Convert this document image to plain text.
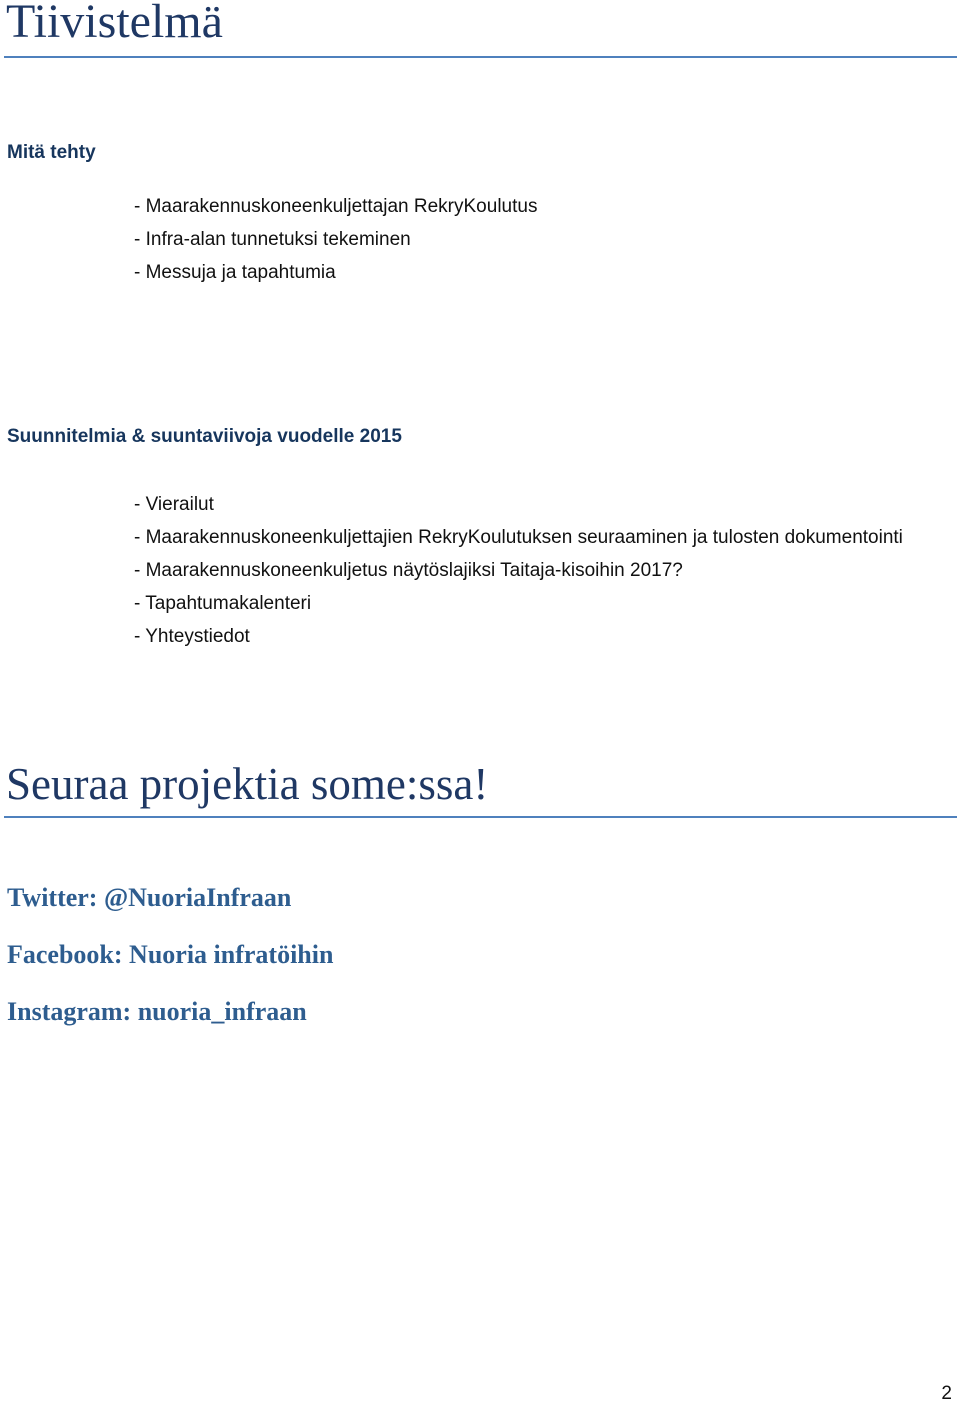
Tiivistelmä
Mitä tehty
- Maarakennuskoneenkuljettajan RekryKoulutus
- Infra-alan tunnetuksi tekeminen
- Messuja ja tapahtumia
Suunnitelmia & suuntaviivoja vuodelle 2015
- Vierailut
- Maarakennuskoneenkuljettajien RekryKoulutuksen seuraaminen ja tulosten dokumentointi
- Maarakennuskoneenkuljetus näytöslajiksi Taitaja-kisoihin 2017?
- Tapahtumakalenteri
- Yhteystiedot
Seuraa projektia some:ssa!

Twitter: @NuoriaInfraan

Facebook: Nuoria infratöihin

Instagram: nuoria_infraan

2
